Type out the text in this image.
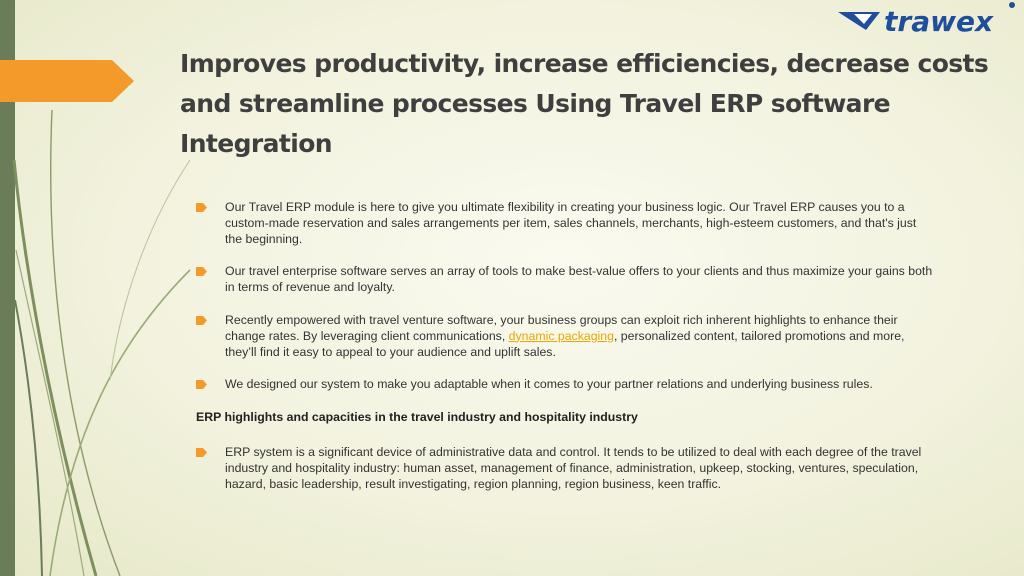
trawex
Improves productivity, increase efficiencies, decrease costs and streamline processes Using Travel ERP software Integration

Our Travel ERP module is here to give you ultimate flexibility in creating your business logic. Our Travel ERP causes you to a custom-made reservation and sales arrangements per item, sales channels, merchants, high-esteem customers, and that's just the beginning.

Our travel enterprise software serves an array of tools to make best-value offers to your clients and thus maximize your gains both in terms of revenue and loyalty.

Recently empowered with travel venture software, your business groups can exploit rich inherent highlights to enhance their change rates. By leveraging client communications, dynamic packaging, personalized content, tailored promotions and more, they’ll find it easy to appeal to your audience and uplift sales.

We designed our system to make you adaptable when it comes to your partner relations and underlying business rules.

ERP highlights and capacities in the travel industry and hospitality industry

ERP system is a significant device of administrative data and control. It tends to be utilized to deal with each degree of the travel industry and hospitality industry: human asset, management of finance, administration, upkeep, stocking, ventures, speculation, hazard, basic leadership, result investigating, region planning, region business, keen traffic.
